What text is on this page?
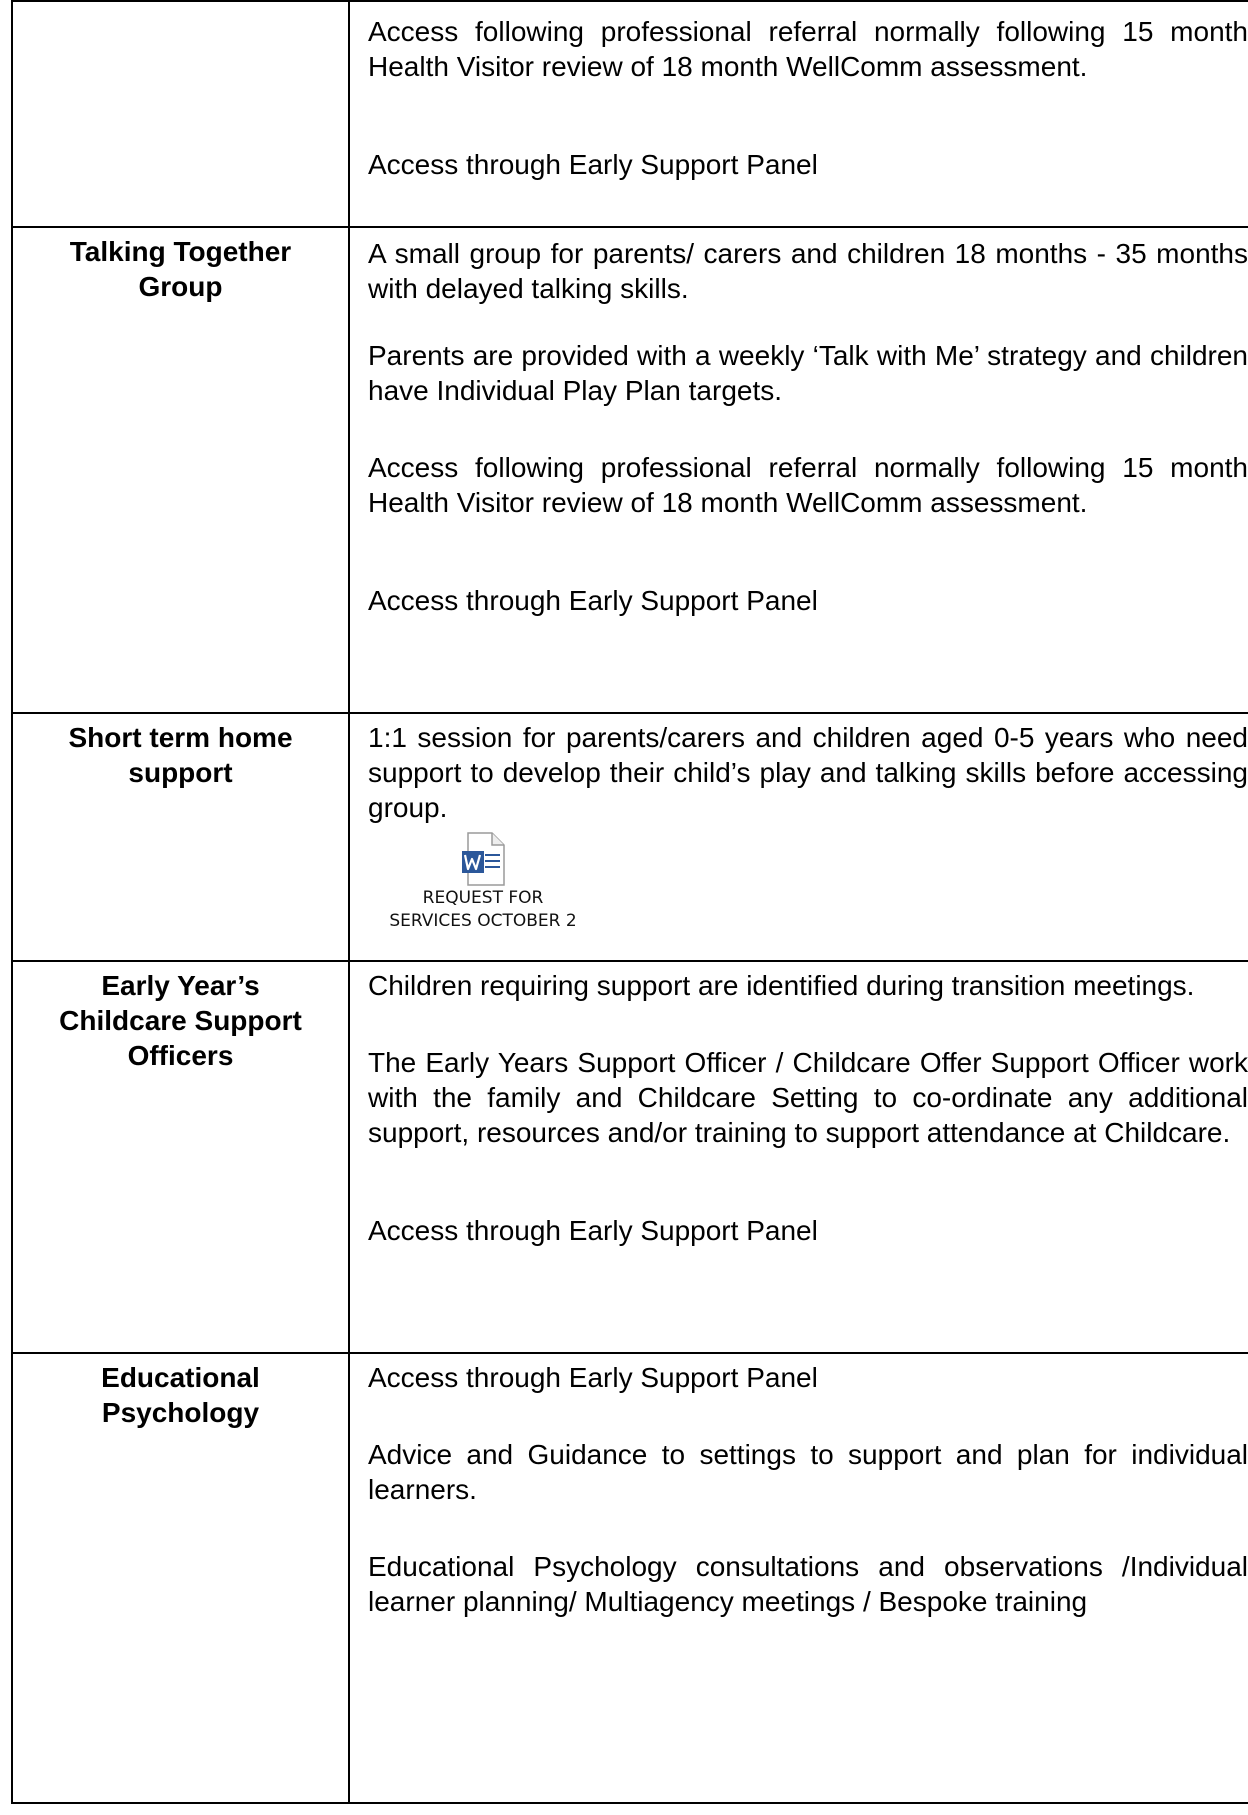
	Access following professional referral normally following 15 month Health Visitor review of 18 month WellComm assessment.

Access through Early Support Panel

Talking Together Group	A small group for parents/ carers and children 18 months - 35 months with delayed talking skills.

Parents are provided with a weekly ‘Talk with Me’ strategy and children have Individual Play Plan targets.

Access following professional referral normally following 15 month Health Visitor review of 18 month WellComm assessment.

Access through Early Support Panel

Short term home support	1:1 session for parents/carers and children aged 0-5 years who need support to develop their child’s play and talking skills before accessing group.

REQUEST FOR
SERVICES OCTOBER 2

Early Year’s Childcare Support Officers	Children requiring support are identified during transition meetings.

The Early Years Support Officer / Childcare Offer Support Officer work with the family and Childcare Setting to co-ordinate any additional support, resources and/or training to support attendance at Childcare.

Access through Early Support Panel

Educational Psychology	Access through Early Support Panel

Advice and Guidance to settings to support and plan for individual learners.

Educational Psychology consultations and observations /Individual learner planning/ Multiagency meetings / Bespoke training
